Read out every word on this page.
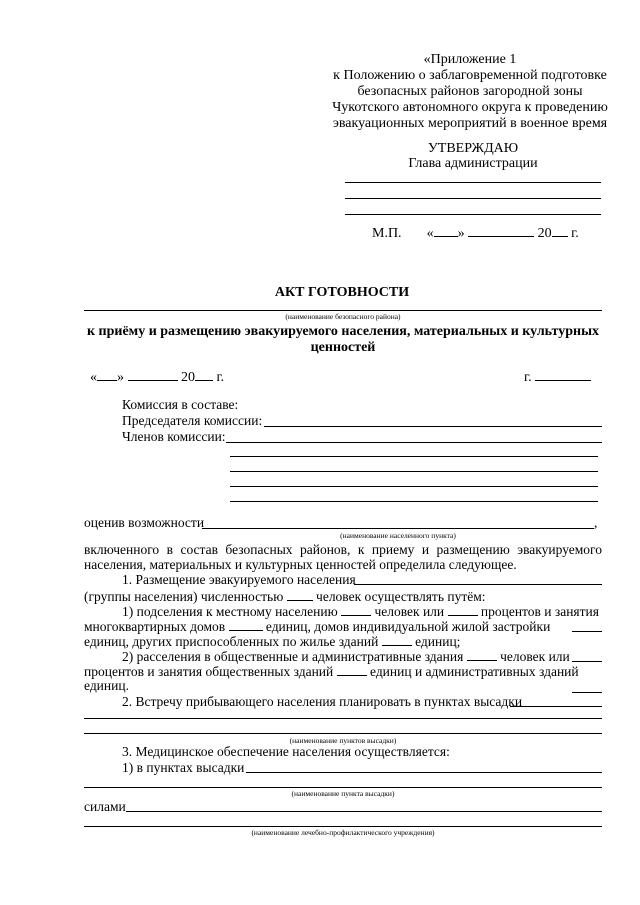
«Приложение 1
к Положению о заблаговременной подготовке
безопасных районов загородной зоны
Чукотского автономного округа к проведению
эвакуационных мероприятий в военное время
УТВЕРЖДАЮ
Глава администрации
М.П. « »	20 г.
АКТ ГОТОВНОСТИ
(наименование безопасного района)
к приёму и размещению эвакуируемого населения, материальных и культурных
ценностей
« »	20 г.	г.
Комиссия в составе:
Председателя комиссии:
Членов комиссии:
оценив возможности	,
(наименование населенного пункта)
включенного в состав безопасных районов, к приему и размещению эвакуируемого
населения, материальных и культурных ценностей определила следующее.
1. Размещение эвакуируемого населения
(группы населения) численностью человек осуществлять путём:
1) подселения к местному населению	человек или	процентов и занятия
многоквартирных домов	единиц, домов индивидуальной жилой застройки
единиц, других приспособленных по жилье зданий	единиц;
2) расселения в общественные и административные здания	человек или
процентов и занятия общественных зданий	единиц и административных зданий
единиц.
2. Встречу прибывающего населения планировать в пунктах высадки
(наименование пунктов высадки)
3. Медицинское обеспечение населения осуществляется:
1) в пунктах высадки
(наименование пункта высадки)
силами
(наименование лечебно-профилактического учреждения)
